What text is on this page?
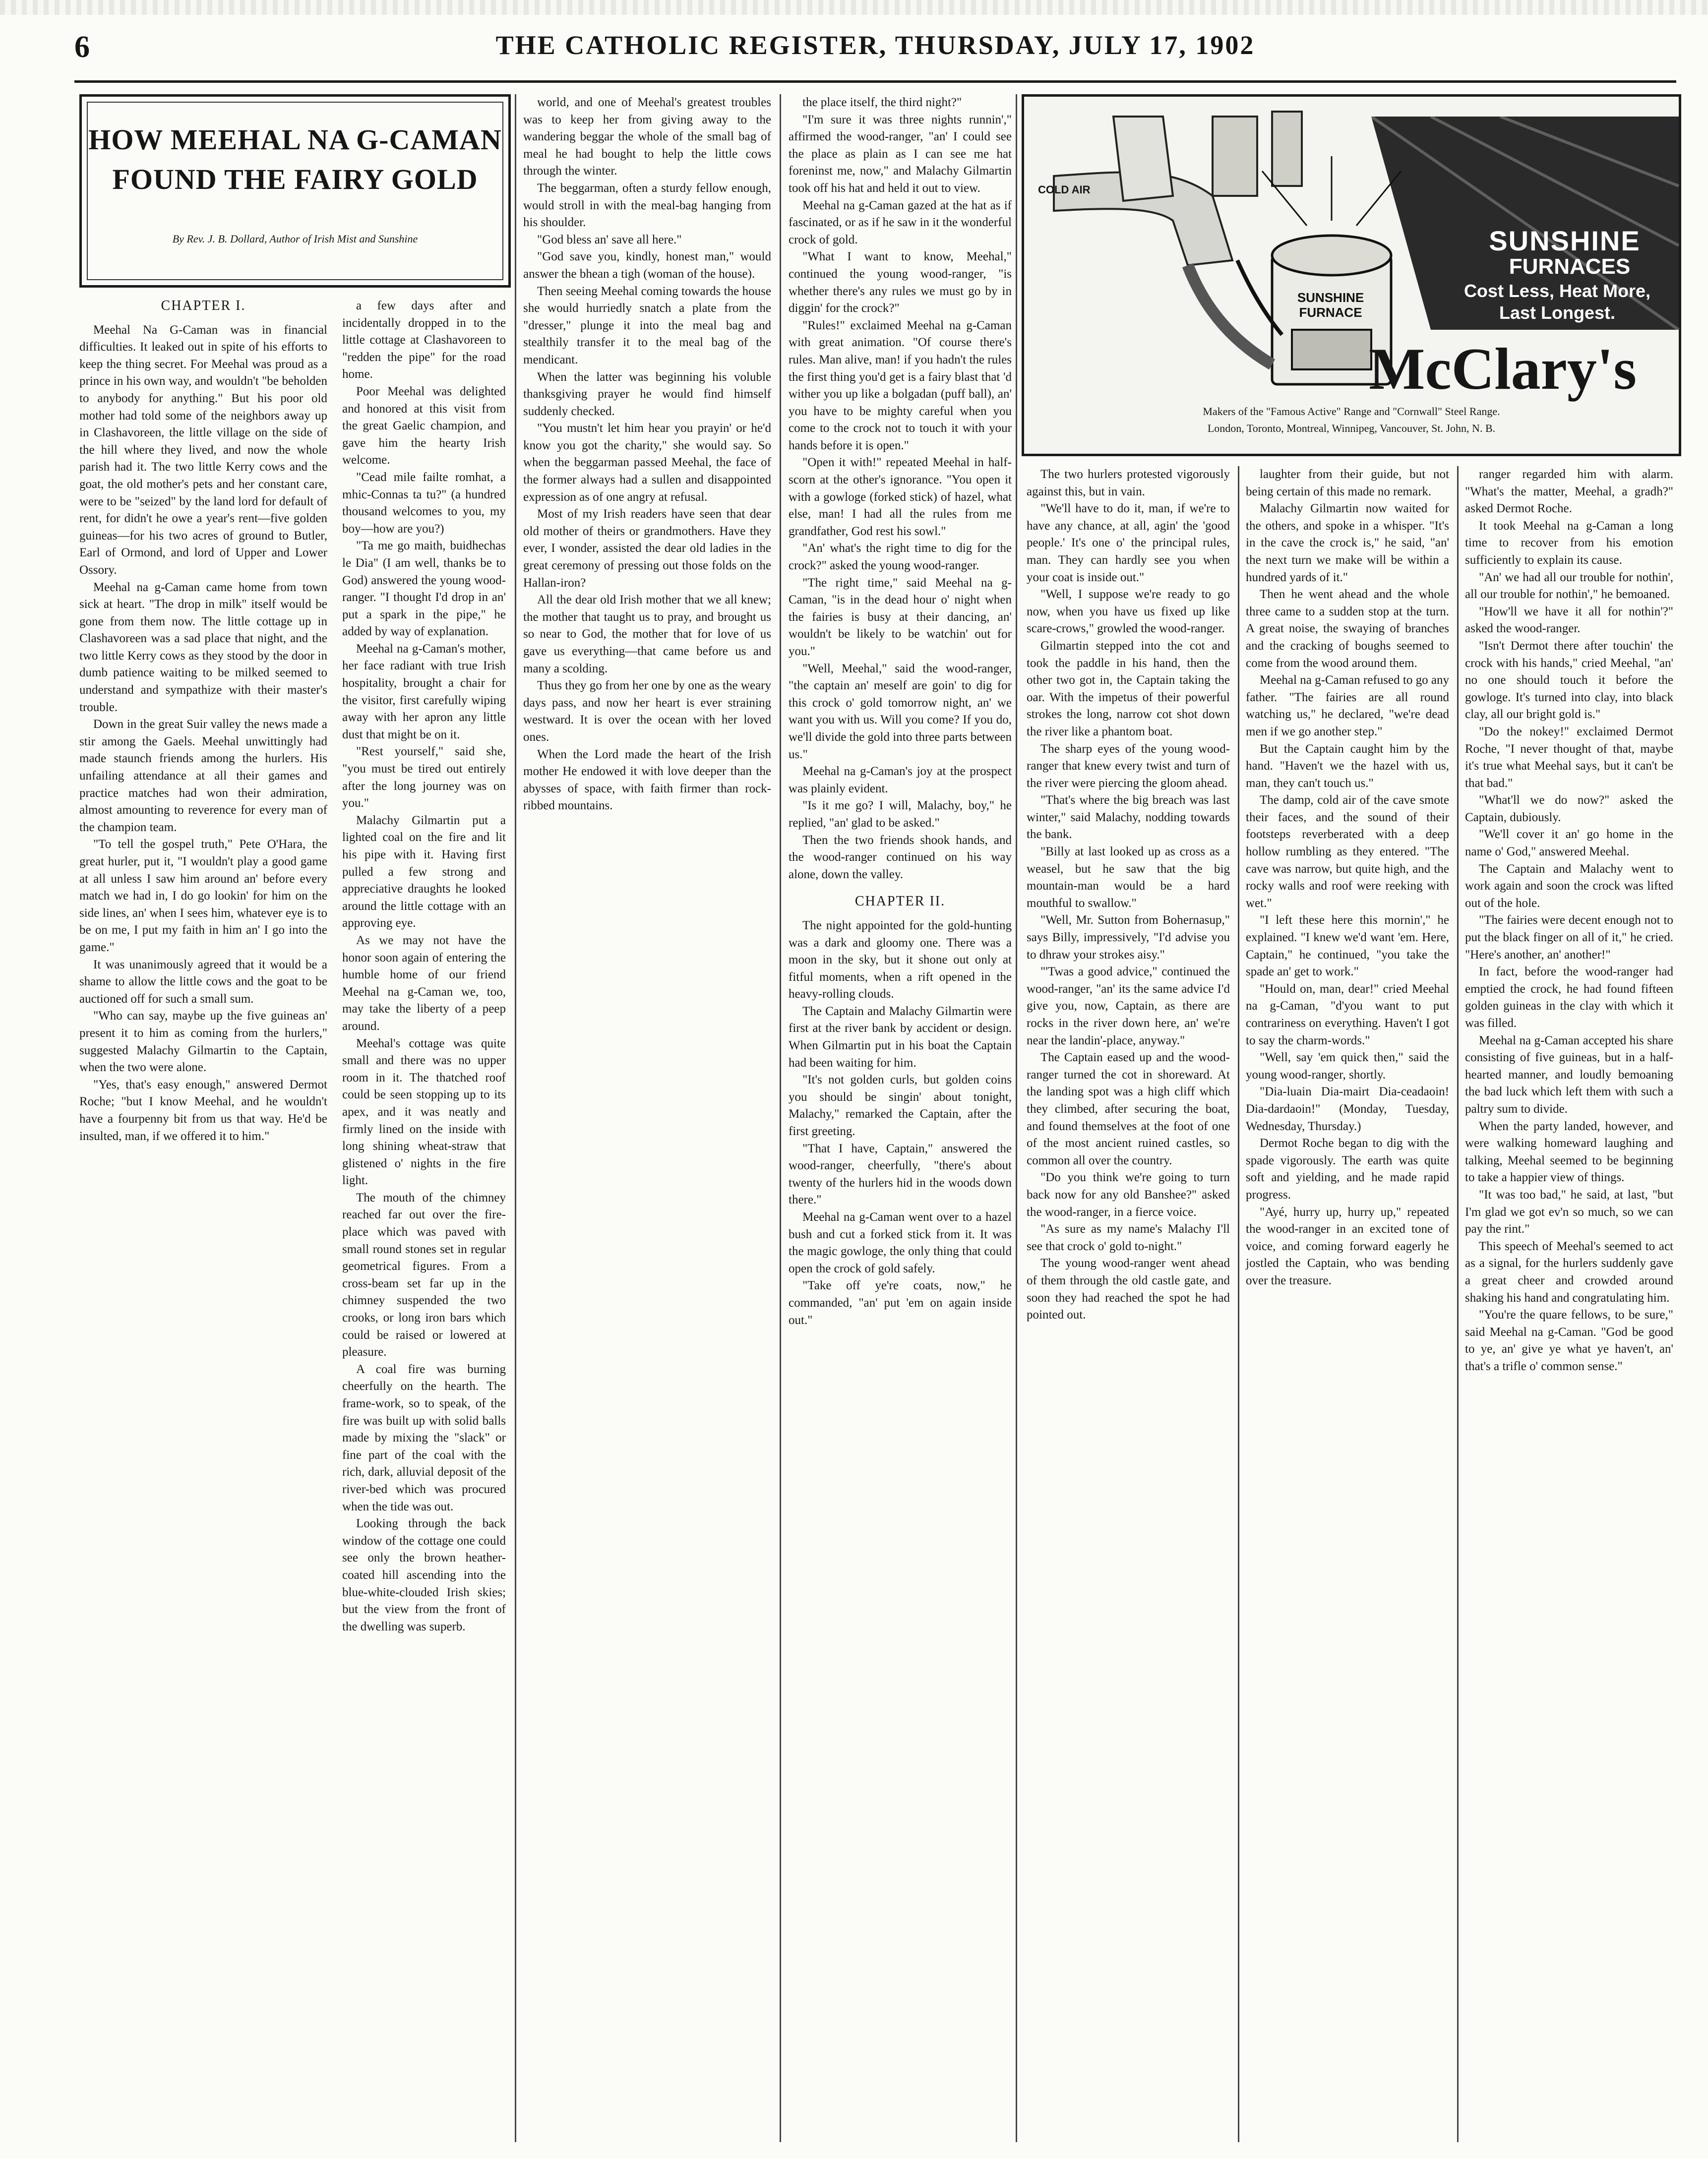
6	THE CATHOLIC REGISTER, THURSDAY, JULY 17, 1902
HOW MEEHAL NA G-CAMAN
FOUND THE FAIRY GOLD
By Rev. J. B. Dollard, Author of Irish Mist and Sunshine
CHAPTER I.

Meehal Na G-Caman was in financial difficulties. It leaked out in spite of his efforts to keep the thing secret. For Meehal was proud as a prince in his own way, and wouldn't "be beholden to anybody for anything." But his poor old mother had told some of the neighbors away up in Clashavoreen, the little village on the side of the hill where they lived, and now the whole parish had it. The two little Kerry cows and the goat, the old mother's pets and her constant care, were to be "seized" by the land lord for default of rent, for didn't he owe a year's rent—five golden guineas—for his two acres of ground to Butler, Earl of Ormond, and lord of Upper and Lower Ossory.

Meehal na g-Caman came home from town sick at heart. "The drop in milk" itself would be gone from them now. The little cottage up in Clashavoreen was a sad place that night, and the two little Kerry cows as they stood by the door in dumb patience waiting to be milked seemed to understand and sympathize with their master's trouble.

Down in the great Suir valley the news made a stir among the Gaels. Meehal unwittingly had made staunch friends among the hurlers. His unfailing attendance at all their games and practice matches had won their admiration, almost amounting to reverence for every man of the champion team.

"To tell the gospel truth," Pete O'Hara, the great hurler, put it, "I wouldn't play a good game at all unless I saw him around an' before every match we had in, I do go lookin' for him on the side lines, an' when I sees him, whatever eye is to be on me, I put my faith in him an' I go into the game."

It was unanimously agreed that it would be a shame to allow the little cows and the goat to be auctioned off for such a small sum.

"Who can say, maybe up the five guineas an' present it to him as coming from the hurlers," suggested Malachy Gilmartin to the Captain, when the two were alone.

"Yes, that's easy enough," answered Dermot Roche; "but I know Meehal, and he wouldn't have a fourpenny bit from us that way. He'd be insulted, man, if we offered it to him."

a few days after and incidentally dropped in to the little cottage at Clashavoreen to "redden the pipe" for the road home.

Poor Meehal was delighted and honored at this visit from the great Gaelic champion, and gave him the hearty Irish welcome.

"Cead mile failte romhat, a mhic-Connas ta tu?" (a hundred thousand welcomes to you, my boy—how are you?)

"Ta me go maith, buidhechas le Dia" (I am well, thanks be to God) answered the young wood-ranger. "I thought I'd drop in an' put a spark in the pipe," he added by way of explanation.

Meehal na g-Caman's mother, her face radiant with true Irish hospitality, brought a chair for the visitor, first carefully wiping away with her apron any little dust that might be on it.

"Rest yourself," said she, "you must be tired out entirely after the long journey was on you."

Malachy Gilmartin put a lighted coal on the fire and lit his pipe with it. Having first pulled a few strong and appreciative draughts he looked around the little cottage with an approving eye.

As we may not have the honor soon again of entering the humble home of our friend Meehal na g-Caman we, too, may take the liberty of a peep around.

Meehal's cottage was quite small and there was no upper room in it. The thatched roof could be seen stopping up to its apex, and it was neatly and firmly lined on the inside with long shining wheat-straw that glistened o' nights in the fire light.

The mouth of the chimney reached far out over the fire-place which was paved with small round stones set in regular geometrical figures. From a cross-beam set far up in the chimney suspended the two crooks, or long iron bars which could be raised or lowered at pleasure.

A coal fire was burning cheerfully on the hearth. The frame-work, so to speak, of the fire was built up with solid balls made by mixing the "slack" or fine part of the coal with the rich, dark, alluvial deposit of the river-bed which was procured when the tide was out.

Looking through the back window of the cottage one could see only the brown heather-coated hill ascending into the blue-white-clouded Irish skies; but the view from the front of the dwelling was superb.

world, and one of Meehal's greatest troubles was to keep her from giving away to the wandering beggar the whole of the small bag of meal he had bought to help the little cows through the winter.

The beggarman, often a sturdy fellow enough, would stroll in with the meal-bag hanging from his shoulder.

"God bless an' save all here."

"God save you, kindly, honest man," would answer the bhean a tigh (woman of the house).

Then seeing Meehal coming towards the house she would hurriedly snatch a plate from the "dresser," plunge it into the meal bag and stealthily transfer it to the meal bag of the mendicant.

When the latter was beginning his voluble thanksgiving prayer he would find himself suddenly checked.

"You mustn't let him hear you prayin' or he'd know you got the charity," she would say. So when the beggarman passed Meehal, the face of the former always had a sullen and disappointed expression as of one angry at refusal.

Most of my Irish readers have seen that dear old mother of theirs or grandmothers. Have they ever, I wonder, assisted the dear old ladies in the great ceremony of pressing out those folds on the Hallan-iron?

All the dear old Irish mother that we all knew; the mother that taught us to pray, and brought us so near to God, the mother that for love of us gave us everything—that came before us and many a scolding.

Thus they go from her one by one as the weary days pass, and now her heart is ever straining westward. It is over the ocean with her loved ones.

When the Lord made the heart of the Irish mother He endowed it with love deeper than the abysses of space, with faith firmer than rock-ribbed mountains.

the place itself, the third night?"

"I'm sure it was three nights runnin'," affirmed the wood-ranger, "an' I could see the place as plain as I can see me hat foreninst me, now," and Malachy Gilmartin took off his hat and held it out to view.

Meehal na g-Caman gazed at the hat as if fascinated, or as if he saw in it the wonderful crock of gold.

"What I want to know, Meehal," continued the young wood-ranger, "is whether there's any rules we must go by in diggin' for the crock?"

"Rules!" exclaimed Meehal na g-Caman with great animation. "Of course there's rules. Man alive, man! if you hadn't the rules the first thing you'd get is a fairy blast that 'd wither you up like a bolgadan (puff ball), an' you have to be mighty careful when you come to the crock not to touch it with your hands before it is open."

"Open it with!" repeated Meehal in half-scorn at the other's ignorance. "You open it with a gowloge (forked stick) of hazel, what else, man! I had all the rules from me grandfather, God rest his sowl."

"An' what's the right time to dig for the crock?" asked the young wood-ranger.

"The right time," said Meehal na g-Caman, "is in the dead hour o' night when the fairies is busy at their dancing, an' wouldn't be likely to be watchin' out for you."

"Well, Meehal," said the wood-ranger, "the captain an' meself are goin' to dig for this crock o' gold tomorrow night, an' we want you with us. Will you come? If you do, we'll divide the gold into three parts between us."

Meehal na g-Caman's joy at the prospect was plainly evident.

"Is it me go? I will, Malachy, boy," he replied, "an' glad to be asked."

Then the two friends shook hands, and the wood-ranger continued on his way alone, down the valley.

CHAPTER II.

The night appointed for the gold-hunting was a dark and gloomy one. There was a moon in the sky, but it shone out only at fitful moments, when a rift opened in the heavy-rolling clouds.

The Captain and Malachy Gilmartin were first at the river bank by accident or design. When Gilmartin put in his boat the Captain had been waiting for him.

"It's not golden curls, but golden coins you should be singin' about tonight, Malachy," remarked the Captain, after the first greeting.

"That I have, Captain," answered the wood-ranger, cheerfully, "there's about twenty of the hurlers hid in the woods down there."

Meehal na g-Caman went over to a hazel bush and cut a forked stick from it. It was the magic gowloge, the only thing that could open the crock of gold safely.

"Take off ye're coats, now," he commanded, "an' put 'em on again inside out."

COLD AIR
SUNSHINE
FURNACES
Cost Less, Heat More,
Last Longest.
SUNSHINE FURNACE
McClary's
Makers of the "Famous Active" Range and "Cornwall" Steel Range.
London, Toronto, Montreal, Winnipeg, Vancouver, St. John, N. B.

The two hurlers protested vigorously against this, but in vain.

"We'll have to do it, man, if we're to have any chance, at all, agin' the 'good people.' It's one o' the principal rules, man. They can hardly see you when your coat is inside out."

"Well, I suppose we're ready to go now, when you have us fixed up like scare-crows," growled the wood-ranger.

Gilmartin stepped into the cot and took the paddle in his hand, then the other two got in, the Captain taking the oar. With the impetus of their powerful strokes the long, narrow cot shot down the river like a phantom boat.

The sharp eyes of the young wood-ranger that knew every twist and turn of the river were piercing the gloom ahead.

"That's where the big breach was last winter," said Malachy, nodding towards the bank.

"Billy at last looked up as cross as a weasel, but he saw that the big mountain-man would be a hard mouthful to swallow."

"Well, Mr. Sutton from Bohernasup," says Billy, impressively, "I'd advise you to dhraw your strokes aisy."

"'Twas a good advice," continued the wood-ranger, "an' its the same advice I'd give you, now, Captain, as there are rocks in the river down here, an' we're near the landin'-place, anyway."

The Captain eased up and the wood-ranger turned the cot in shoreward. At the landing spot was a high cliff which they climbed, after securing the boat, and found themselves at the foot of one of the most ancient ruined castles, so common all over the country.

"Do you think we're going to turn back now for any old Banshee?" asked the wood-ranger, in a fierce voice.

"As sure as my name's Malachy I'll see that crock o' gold to-night."

The young wood-ranger went ahead of them through the old castle gate, and soon they had reached the spot he had pointed out.

laughter from their guide, but not being certain of this made no remark.

Malachy Gilmartin now waited for the others, and spoke in a whisper. "It's in the cave the crock is," he said, "an' the next turn we make will be within a hundred yards of it."

Then he went ahead and the whole three came to a sudden stop at the turn. A great noise, the swaying of branches and the cracking of boughs seemed to come from the wood around them.

Meehal na g-Caman refused to go any father. "The fairies are all round watching us," he declared, "we're dead men if we go another step."

But the Captain caught him by the hand. "Haven't we the hazel with us, man, they can't touch us."

The damp, cold air of the cave smote their faces, and the sound of their footsteps reverberated with a deep hollow rumbling as they entered. "The cave was narrow, but quite high, and the rocky walls and roof were reeking with wet."

"I left these here this mornin'," he explained. "I knew we'd want 'em. Here, Captain," he continued, "you take the spade an' get to work."

"Hould on, man, dear!" cried Meehal na g-Caman, "d'you want to put contrariness on everything. Haven't I got to say the charm-words."

"Well, say 'em quick then," said the young wood-ranger, shortly.

"Dia-luain Dia-mairt Dia-ceadaoin! Dia-dardaoin!" (Monday, Tuesday, Wednesday, Thursday.)

Dermot Roche began to dig with the spade vigorously. The earth was quite soft and yielding, and he made rapid progress.

"Ayé, hurry up, hurry up," repeated the wood-ranger in an excited tone of voice, and coming forward eagerly he jostled the Captain, who was bending over the treasure.

ranger regarded him with alarm. "What's the matter, Meehal, a gradh?" asked Dermot Roche.

It took Meehal na g-Caman a long time to recover from his emotion sufficiently to explain its cause.

"An' we had all our trouble for nothin', all our trouble for nothin'," he bemoaned.

"How'll we have it all for nothin'?" asked the wood-ranger.

"Isn't Dermot there after touchin' the crock with his hands," cried Meehal, "an' no one should touch it before the gowloge. It's turned into clay, into black clay, all our bright gold is."

"Do the nokey!" exclaimed Dermot Roche, "I never thought of that, maybe it's true what Meehal says, but it can't be that bad."

"What'll we do now?" asked the Captain, dubiously.

"We'll cover it an' go home in the name o' God," answered Meehal.

The Captain and Malachy went to work again and soon the crock was lifted out of the hole.

"The fairies were decent enough not to put the black finger on all of it," he cried. "Here's another, an' another!"

In fact, before the wood-ranger had emptied the crock, he had found fifteen golden guineas in the clay with which it was filled.

Meehal na g-Caman accepted his share consisting of five guineas, but in a half-hearted manner, and loudly bemoaning the bad luck which left them with such a paltry sum to divide.

When the party landed, however, and were walking homeward laughing and talking, Meehal seemed to be beginning to take a happier view of things.

"It was too bad," he said, at last, "but I'm glad we got ev'n so much, so we can pay the rint."

This speech of Meehal's seemed to act as a signal, for the hurlers suddenly gave a great cheer and crowded around shaking his hand and congratulating him.

"You're the quare fellows, to be sure," said Meehal na g-Caman. "God be good to ye, an' give ye what ye haven't, an' that's a trifle o' common sense."
